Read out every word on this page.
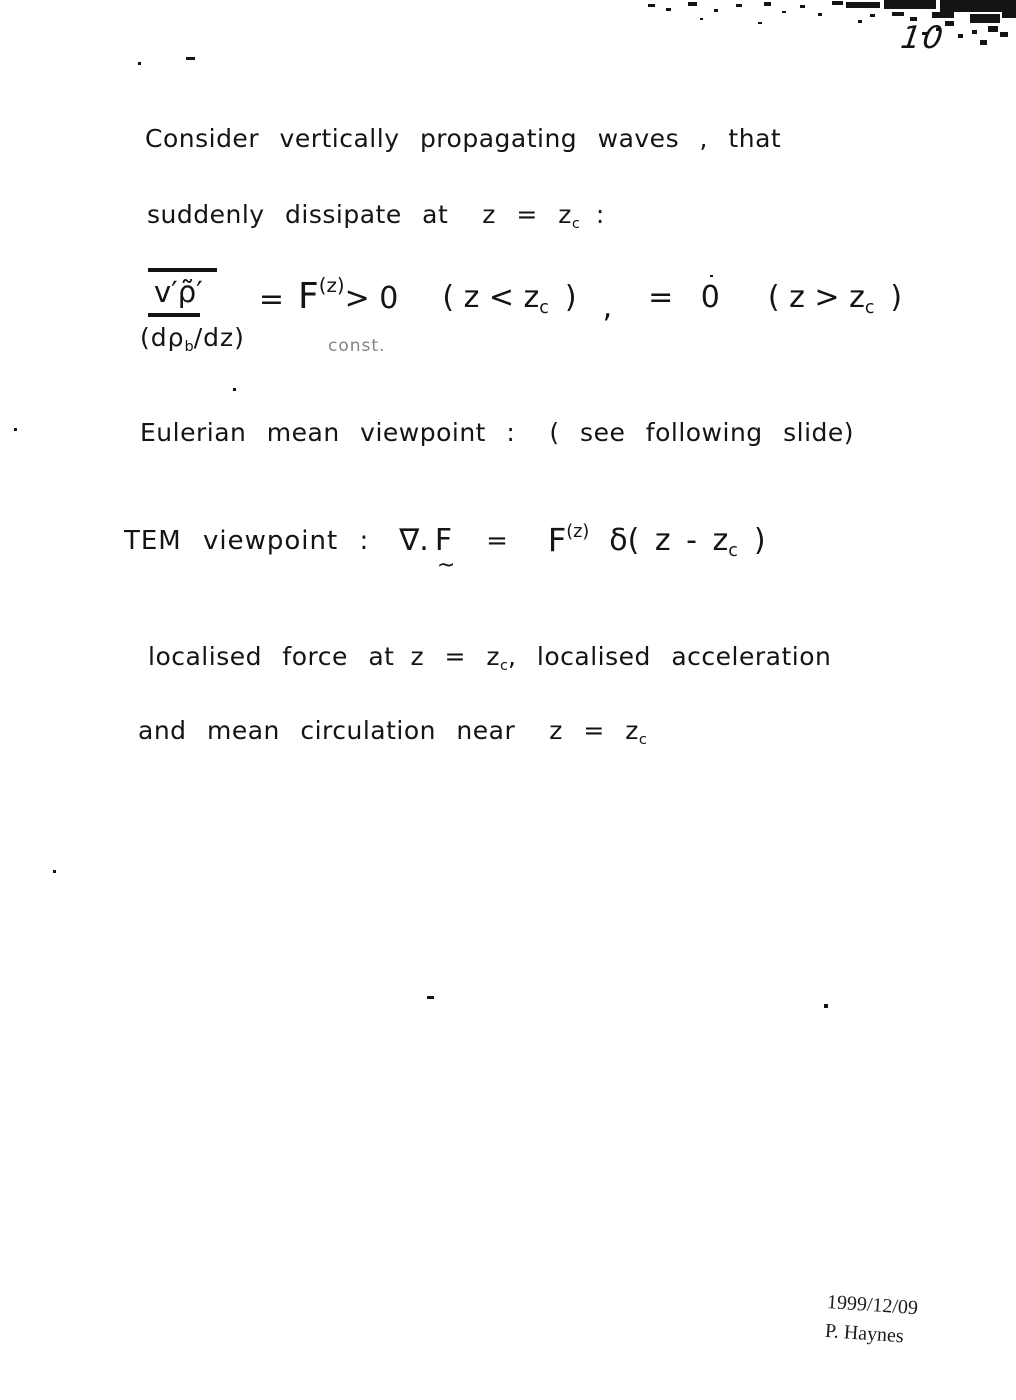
10
Consider vertically propagating waves , that
suddenly dissipate at $z = z_c$ :
$\frac{v'\rhõ'}{(d\rho_b/dz)} = F^{(z)}> 0$
const.
( $z < z_c$ ) , = 0 ( $z > z_c$ )
Eulerian mean viewpoint : ( see following slide)
TEM viewpoint : ∇. F
~
= $F^{(z)}$ δ( z - $z_c$ )
localised force at $z = z_c$, localised acceleration
and mean circulation near $z = z_c$
1999/12/09
P. Haynes
